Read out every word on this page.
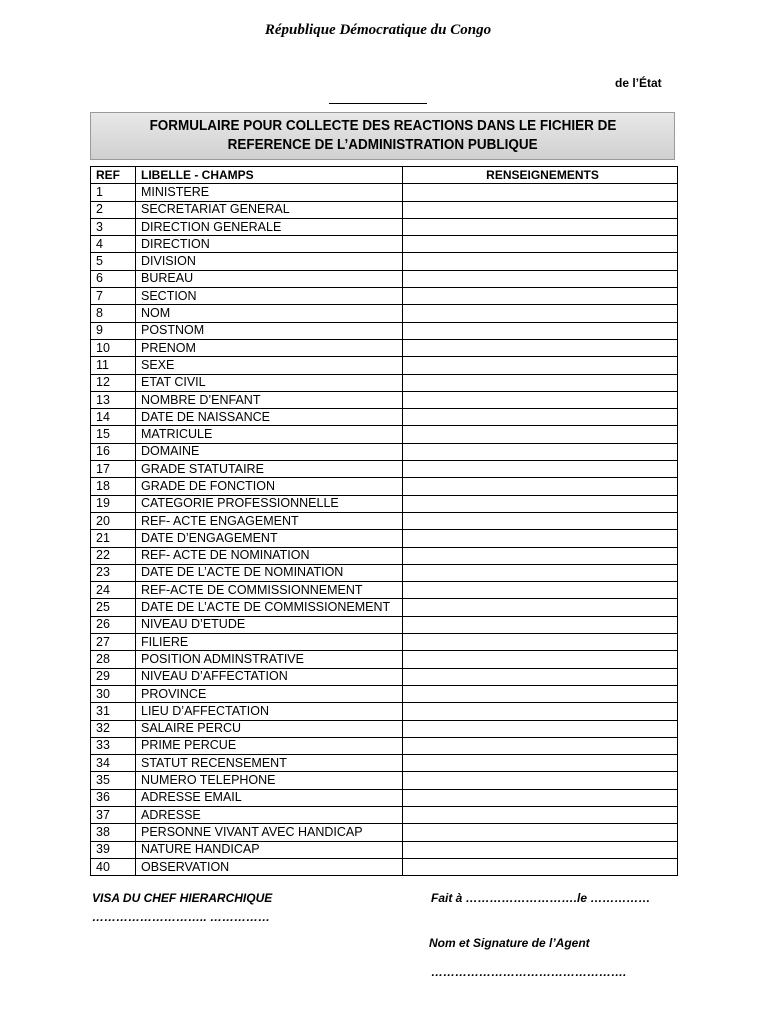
République Démocratique du Congo
de l’État
FORMULAIRE POUR COLLECTE DES REACTIONS DANS LE FICHIER DE
REFERENCE DE L’ADMINISTRATION PUBLIQUE
REF	LIBELLE - CHAMPS	RENSEIGNEMENTS
1	MINISTERE	
2	SECRETARIAT GENERAL	
3	DIRECTION GENERALE	
4	DIRECTION	
5	DIVISION	
6	BUREAU	
7	SECTION	
8	NOM	
9	POSTNOM	
10	PRENOM	
11	SEXE	
12	ETAT CIVIL	
13	NOMBRE D’ENFANT	
14	DATE DE NAISSANCE	
15	MATRICULE	
16	DOMAINE	
17	GRADE STATUTAIRE	
18	GRADE DE FONCTION	
19	CATEGORIE PROFESSIONNELLE	
20	REF- ACTE ENGAGEMENT	
21	DATE D’ENGAGEMENT	
22	REF- ACTE DE NOMINATION	
23	DATE DE L’ACTE DE NOMINATION	
24	REF-ACTE DE COMMISSIONNEMENT	
25	DATE DE L’ACTE DE COMMISSIONEMENT	
26	NIVEAU D’ETUDE	
27	FILIERE	
28	POSITION ADMINSTRATIVE	
29	NIVEAU D’AFFECTATION	
30	PROVINCE	
31	LIEU D’AFFECTATION	
32	SALAIRE PERCU	
33	PRIME PERCUE	
34	STATUT RECENSEMENT	
35	NUMERO TELEPHONE	
36	ADRESSE EMAIL	
37	ADRESSE	
38	PERSONNE VIVANT AVEC HANDICAP	
39	NATURE HANDICAP	
40	OBSERVATION	
VISA DU CHEF HIERARCHIQUE
……………………….. ……………
Fait à ……………………….le ……………
Nom et Signature de l’Agent
………………………………………….
